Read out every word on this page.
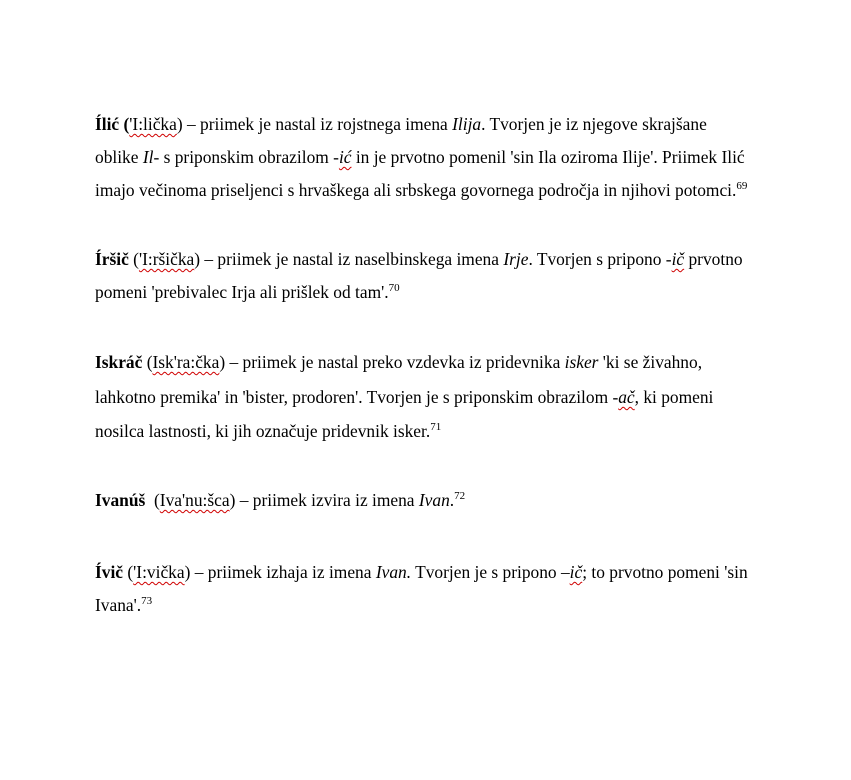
Ílić ('I:lička) – priimek je nastal iz rojstnega imena Ilija. Tvorjen je iz njegove skrajšane
oblike Il- s priponskim obrazilom -ić in je prvotno pomenil 'sin Ila oziroma Ilije'. Priimek Ilić
imajo večinoma priseljenci s hrvaškega ali srbskega govornega področja in njihovi potomci.$^{69}$

Íršič ('I:ršička) – priimek je nastal iz naselbinskega imena Irje. Tvorjen s pripono -ič prvotno
pomeni 'prebivalec Irja ali prišlek od tam'.$^{70}$

Iskráč (Isk'ra:čka) – priimek je nastal preko vzdevka iz pridevnika isker 'ki se živahno,
lahkotno premika' in 'bister, prodoren'. Tvorjen je s priponskim obrazilom -ač, ki pomeni
nosilca lastnosti, ki jih označuje pridevnik isker.$^{71}$

Ivanúš  (Iva'nu:šca) – priimek izvira iz imena Ivan.$^{72}$

Ívič ('I:vička) – priimek izhaja iz imena Ivan. Tvorjen je s pripono –ič; to prvotno pomeni 'sin
Ivana'.$^{73}$
